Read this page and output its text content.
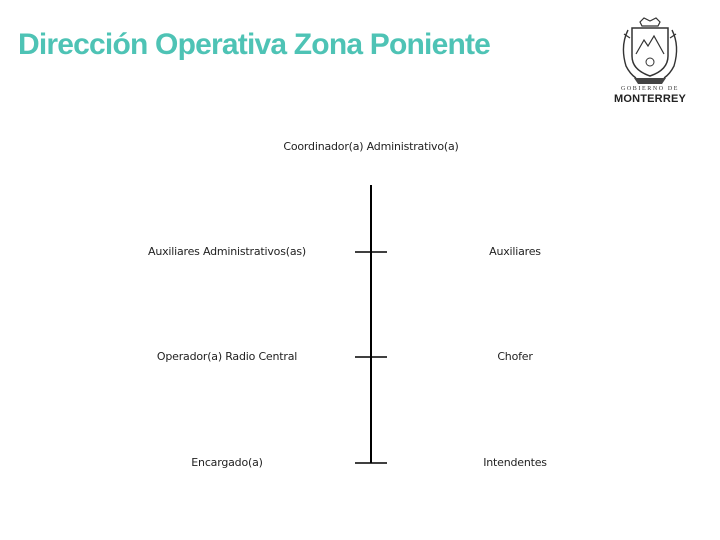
Dirección Operativa Zona Poniente
GOBIERNO DE
MONTERREY
Coordinador(a) Administrativo(a)
Auxiliares Administrativos(as)
Operador(a) Radio Central
Encargado(a)
Auxiliares
Chofer
Intendentes
